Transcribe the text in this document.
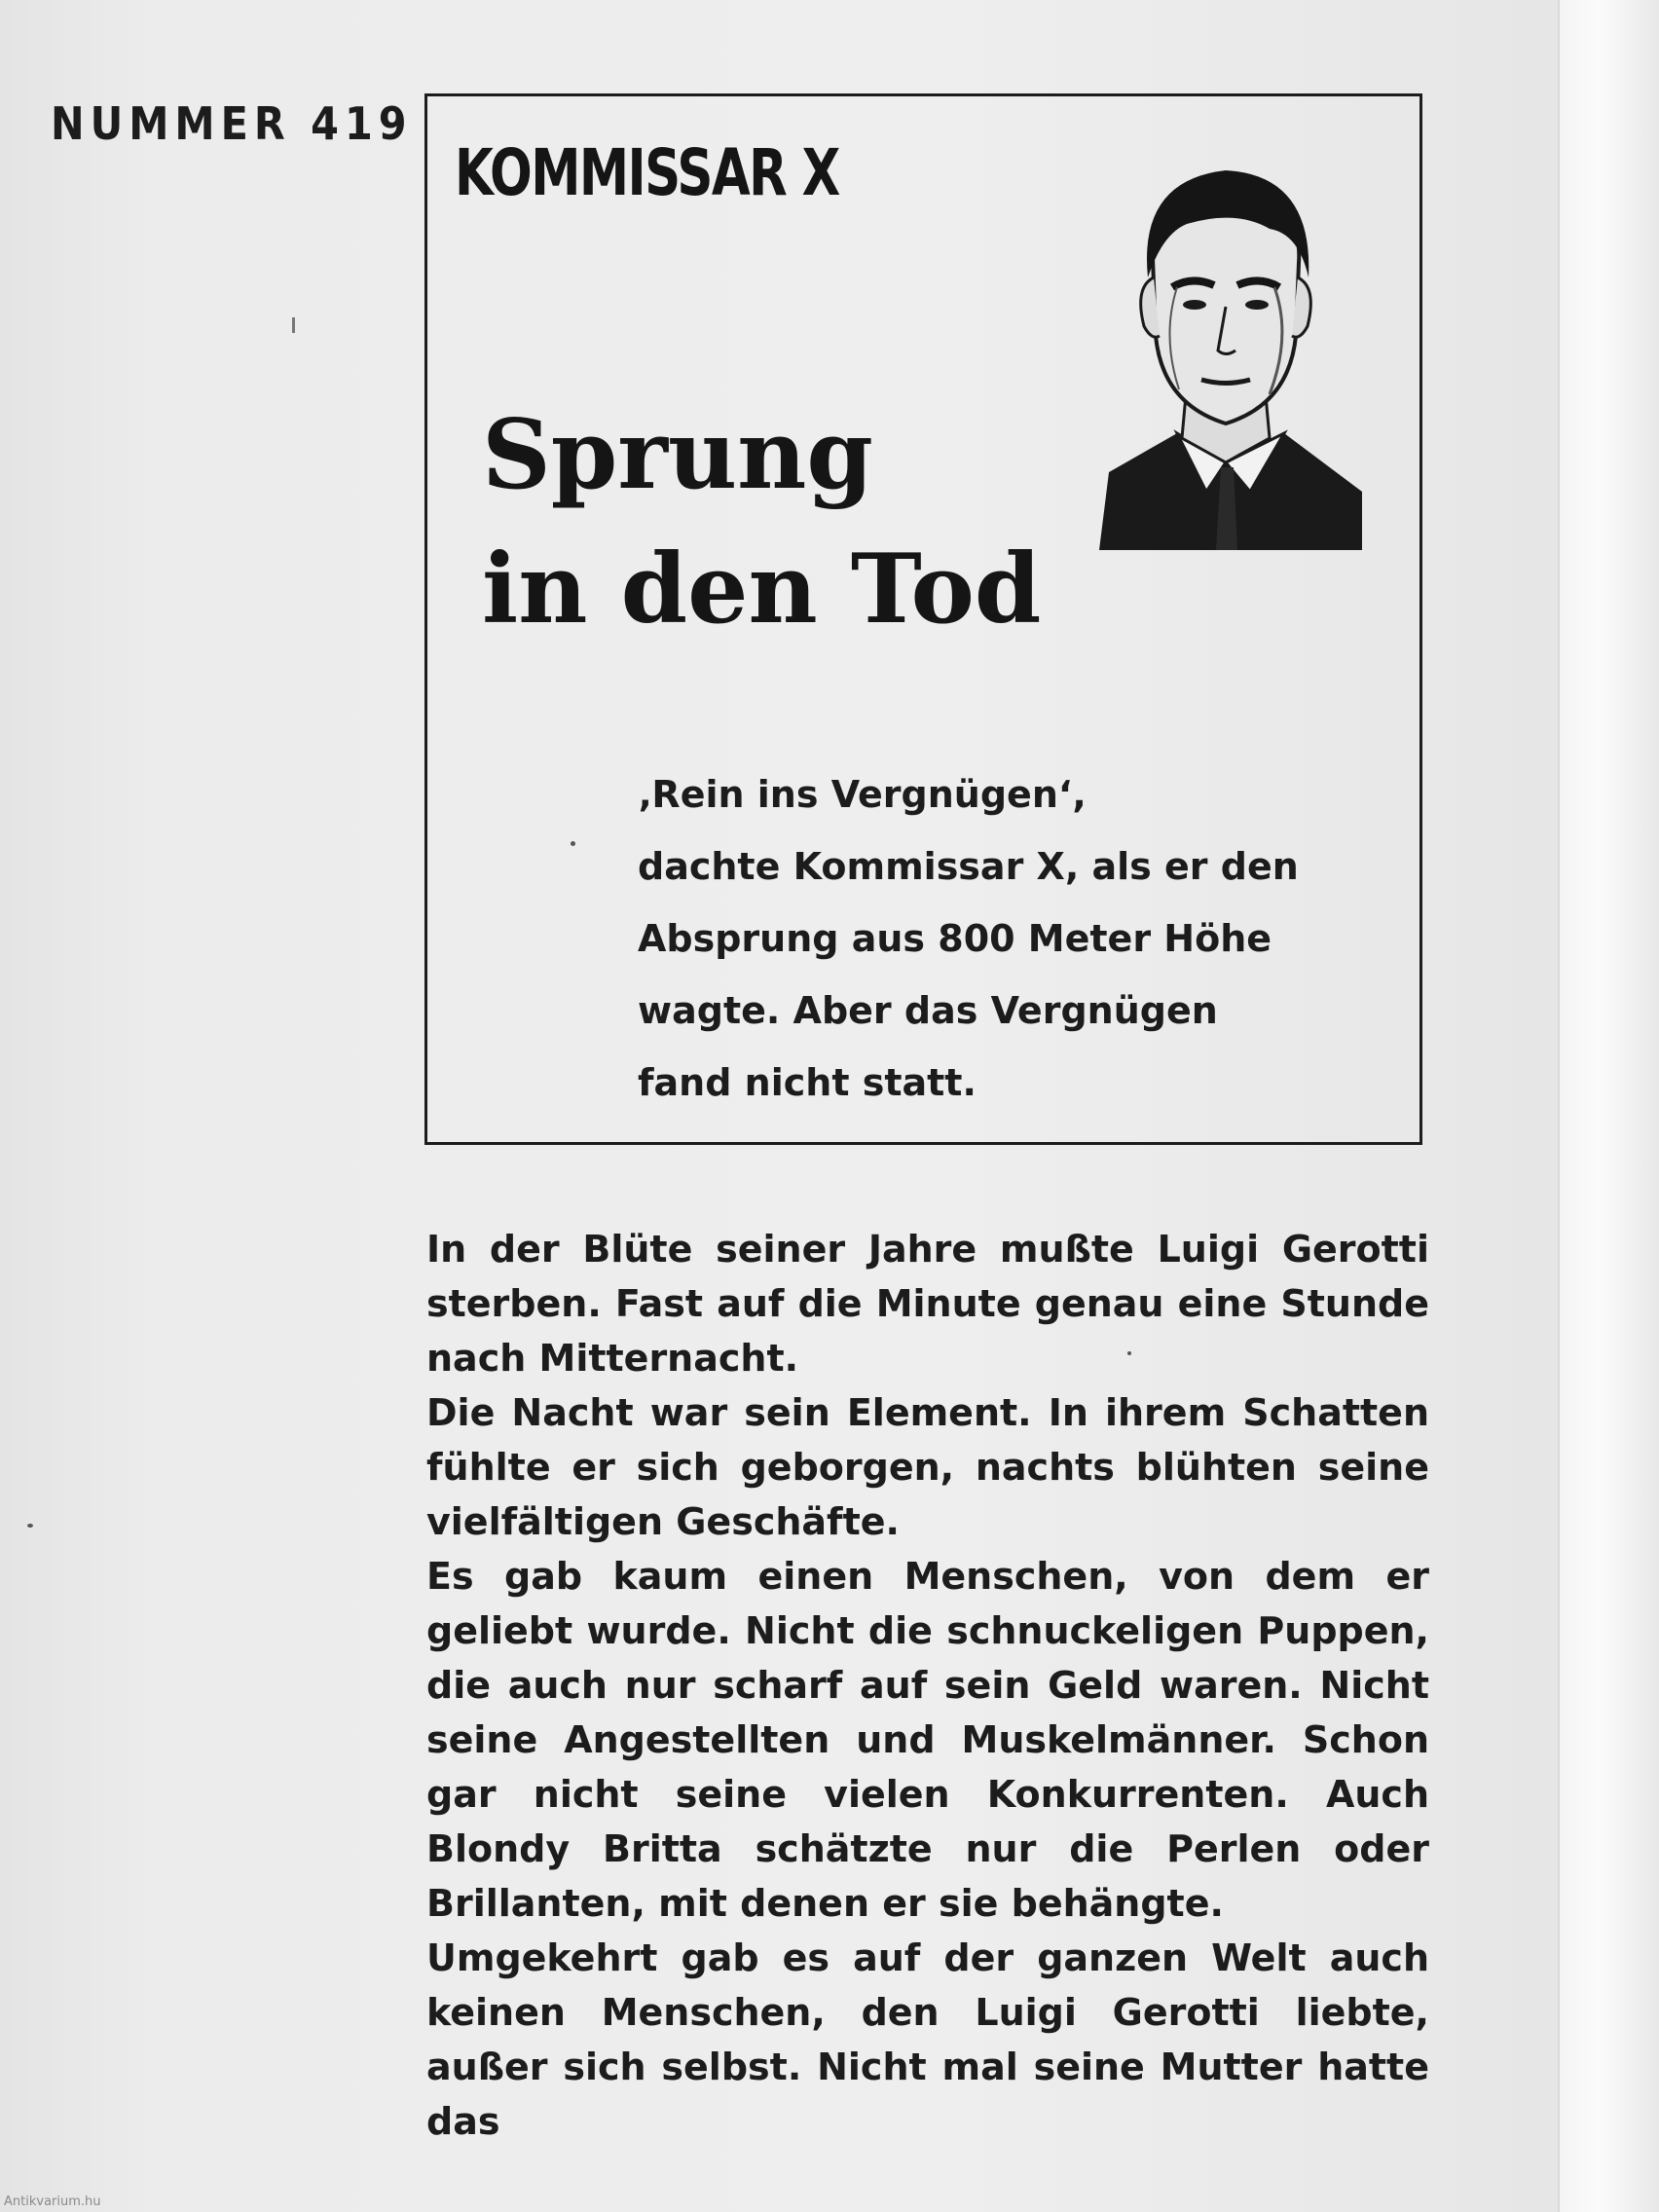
NUMMER 419
KOMMISSAR X
Sprung
in den Tod
‚Rein ins Vergnügen‘,
dachte Kommissar X, als er den
Absprung aus 800 Meter Höhe
wagte. Aber das Vergnügen
fand nicht statt.

In der Blüte seiner Jahre mußte Luigi Gerotti sterben. Fast auf die Minute genau eine Stunde nach Mitternacht.

Die Nacht war sein Element. In ihrem Schatten fühlte er sich geborgen, nachts blühten seine vielfältigen Geschäfte.

Es gab kaum einen Menschen, von dem er geliebt wurde. Nicht die schnuckeligen Puppen, die auch nur scharf auf sein Geld waren. Nicht seine Angestellten und Muskelmänner. Schon gar nicht seine vielen Konkurrenten. Auch Blondy Britta schätzte nur die Perlen oder Brillanten, mit denen er sie behängte.

Umgekehrt gab es auf der ganzen Welt auch keinen Menschen, den Luigi Gerotti liebte, außer sich selbst. Nicht mal seine Mutter hatte das

Antikvarium.hu
